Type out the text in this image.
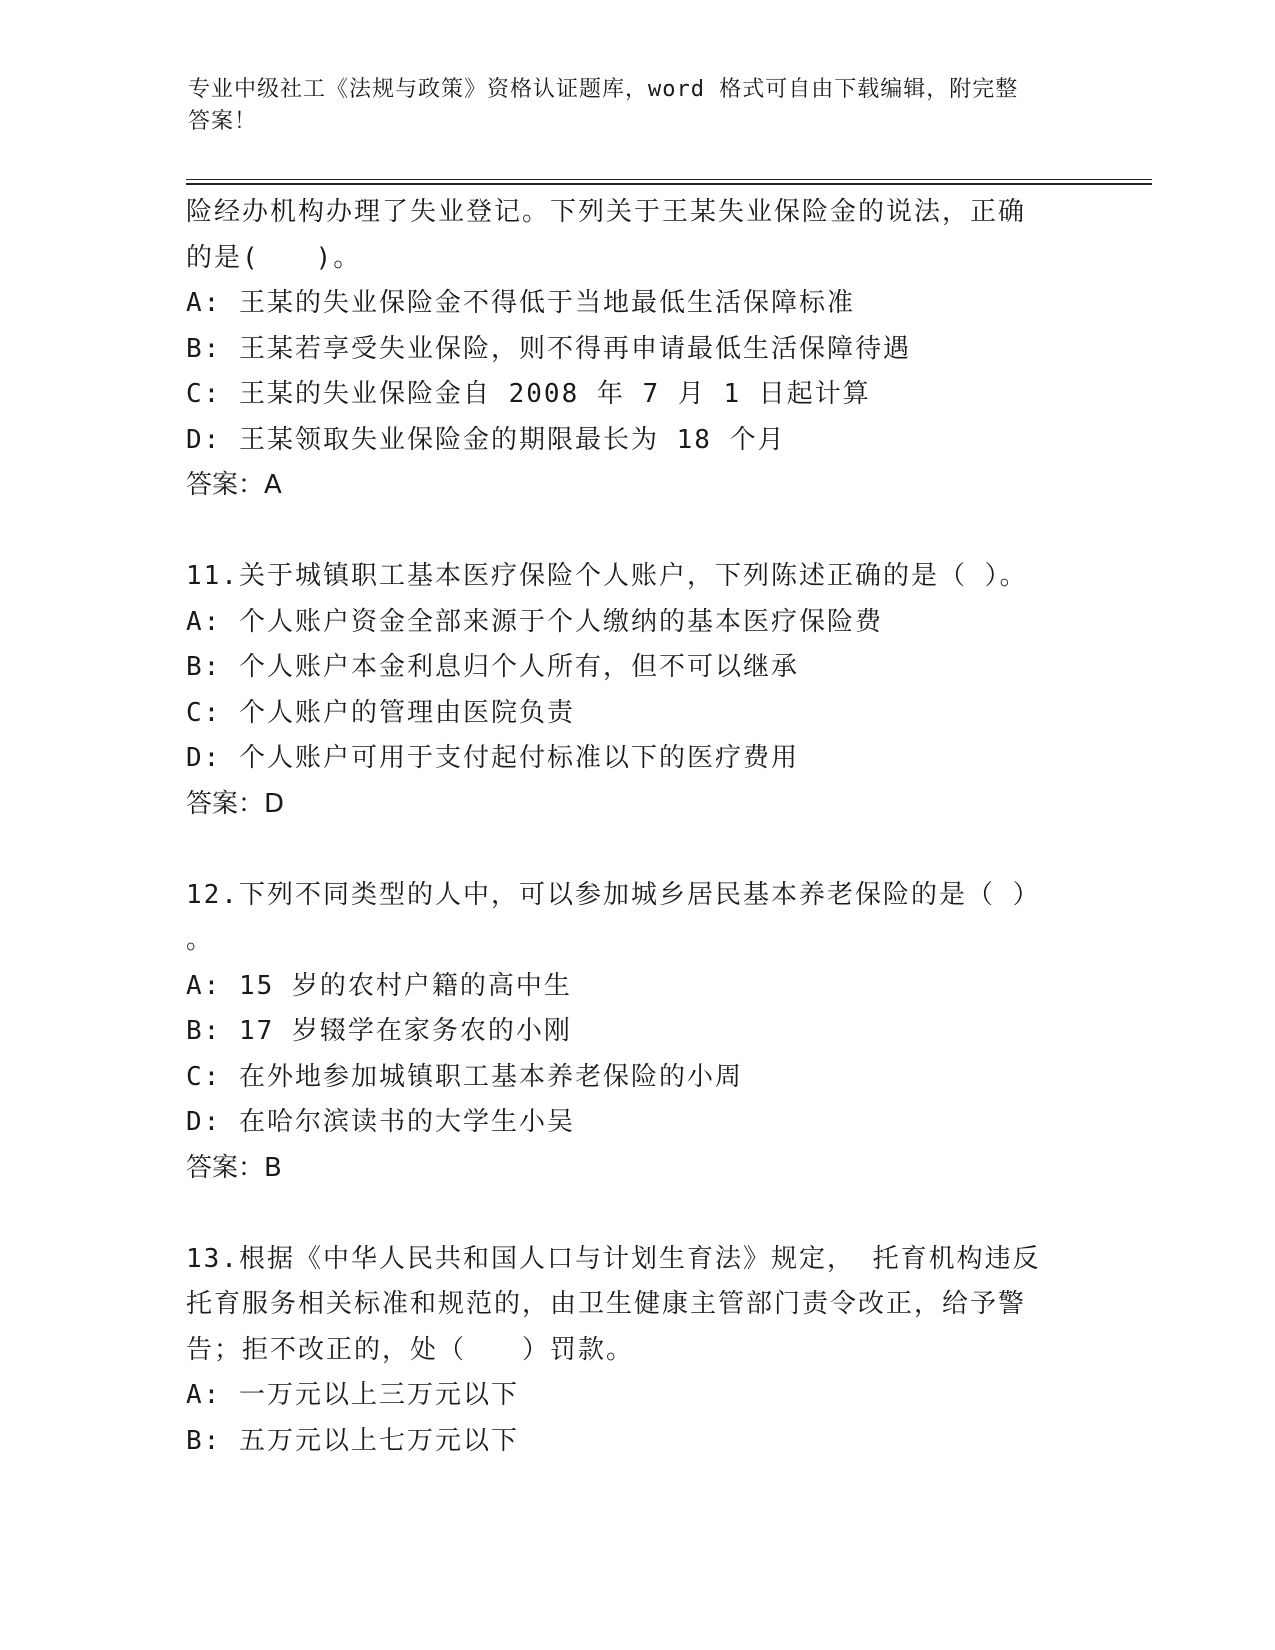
专业中级社工《法规与政策》资格认证题库，word 格式可自由下载编辑，附完整
答案！
险经办机构办理了失业登记。下列关于王某失业保险金的说法，正确
的是(　　)。
A: 王某的失业保险金不得低于当地最低生活保障标准
B: 王某若享受失业保险，则不得再申请最低生活保障待遇
C: 王某的失业保险金自 2008 年 7 月 1 日起计算
D: 王某领取失业保险金的期限最长为 18 个月
答案：A
11.关于城镇职工基本医疗保险个人账户，下列陈述正确的是（ ）。
A: 个人账户资金全部来源于个人缴纳的基本医疗保险费
B: 个人账户本金利息归个人所有，但不可以继承
C: 个人账户的管理由医院负责
D: 个人账户可用于支付起付标准以下的医疗费用
答案：D
12.下列不同类型的人中，可以参加城乡居民基本养老保险的是（ ）
。
A: 15 岁的农村户籍的高中生
B: 17 岁辍学在家务农的小刚
C: 在外地参加城镇职工基本养老保险的小周
D: 在哈尔滨读书的大学生小吴
答案：B
13.根据《中华人民共和国人口与计划生育法》规定， 托育机构违反
托育服务相关标准和规范的，由卫生健康主管部门责令改正，给予警
告；拒不改正的，处（　　）罚款。
A: 一万元以上三万元以下
B: 五万元以上七万元以下
